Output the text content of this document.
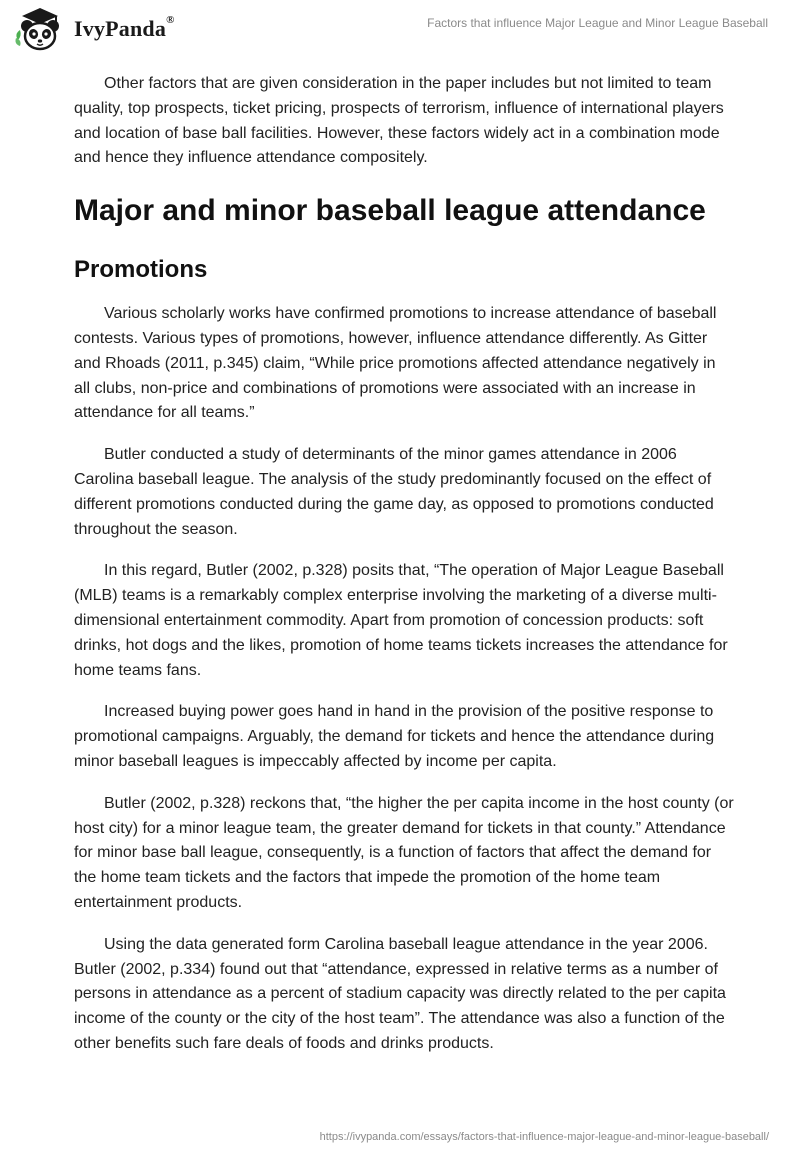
IvyPanda®	Factors that influence Major League and Minor League Baseball

Other factors that are given consideration in the paper includes but not limited to team quality, top prospects, ticket pricing, prospects of terrorism, influence of international players and location of base ball facilities. However, these factors widely act in a combination mode and hence they influence attendance compositely.

Major and minor baseball league attendance
Promotions

Various scholarly works have confirmed promotions to increase attendance of baseball contests. Various types of promotions, however, influence attendance differently. As Gitter and Rhoads (2011, p.345) claim, “While price promotions affected attendance negatively in all clubs, non-price and combinations of promotions were associated with an increase in attendance for all teams.”

Butler conducted a study of determinants of the minor games attendance in 2006 Carolina baseball league. The analysis of the study predominantly focused on the effect of different promotions conducted during the game day, as opposed to promotions conducted throughout the season.

In this regard, Butler (2002, p.328) posits that, “The operation of Major League Baseball (MLB) teams is a remarkably complex enterprise involving the marketing of a diverse multi-dimensional entertainment commodity. Apart from promotion of concession products: soft drinks, hot dogs and the likes, promotion of home teams tickets increases the attendance for home teams fans.

Increased buying power goes hand in hand in the provision of the positive response to promotional campaigns. Arguably, the demand for tickets and hence the attendance during minor baseball leagues is impeccably affected by income per capita.

Butler (2002, p.328) reckons that, “the higher the per capita income in the host county (or host city) for a minor league team, the greater demand for tickets in that county.” Attendance for minor base ball league, consequently, is a function of factors that affect the demand for the home team tickets and the factors that impede the promotion of the home team entertainment products.

Using the data generated form Carolina baseball league attendance in the year 2006. Butler (2002, p.334) found out that “attendance, expressed in relative terms as a number of persons in attendance as a percent of stadium capacity was directly related to the per capita income of the county or the city of the host team”. The attendance was also a function of the other benefits such fare deals of foods and drinks products.

https://ivypanda.com/essays/factors-that-influence-major-league-and-minor-league-baseball/
